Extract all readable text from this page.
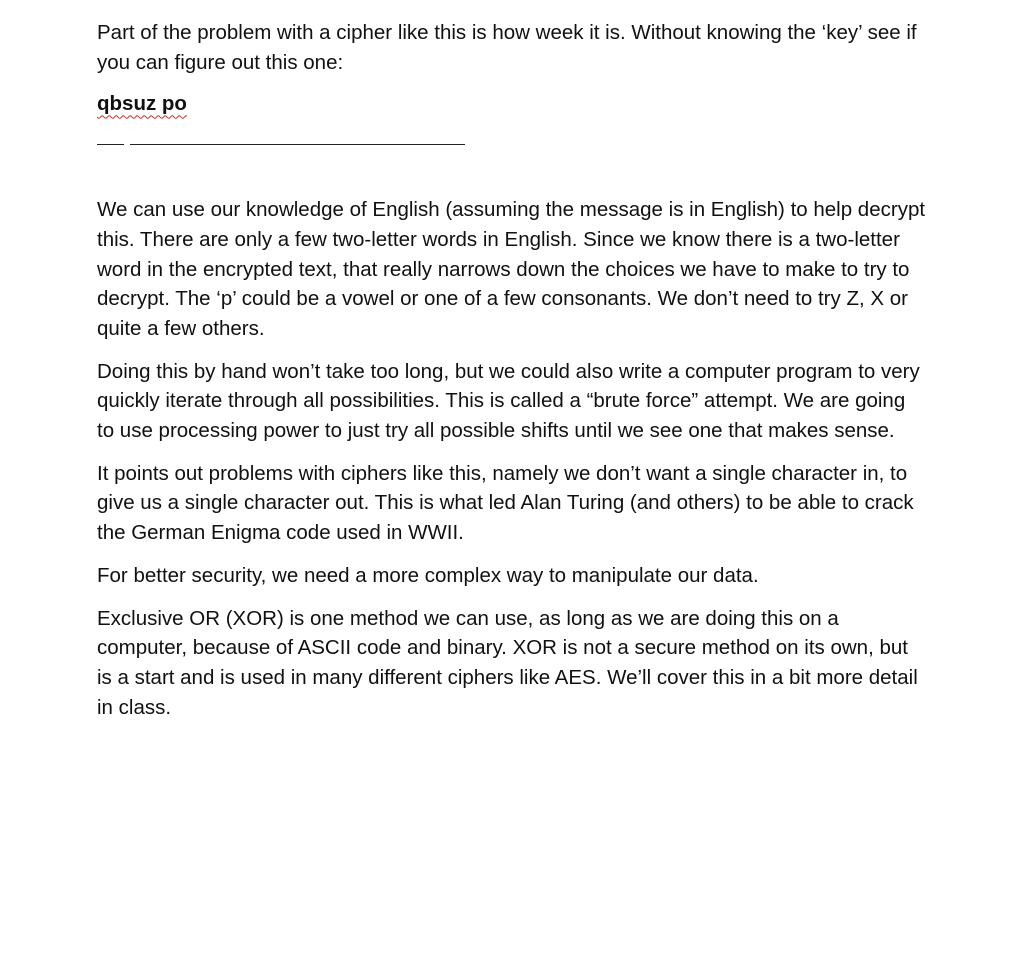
Part of the problem with a cipher like this is how week it is. Without knowing the ‘key’ see if you can figure out this one:

qbsuz po

We can use our knowledge of English (assuming the message is in English) to help decrypt this. There are only a few two-letter words in English. Since we know there is a two-letter word in the encrypted text, that really narrows down the choices we have to make to try to decrypt. The ‘p’ could be a vowel or one of a few consonants. We don’t need to try Z, X or quite a few others.

Doing this by hand won’t take too long, but we could also write a computer program to very quickly iterate through all possibilities. This is called a “brute force” attempt. We are going to use processing power to just try all possible shifts until we see one that makes sense.

It points out problems with ciphers like this, namely we don’t want a single character in, to give us a single character out. This is what led Alan Turing (and others) to be able to crack the German Enigma code used in WWII.

For better security, we need a more complex way to manipulate our data.

Exclusive OR (XOR) is one method we can use, as long as we are doing this on a computer, because of ASCII code and binary. XOR is not a secure method on its own, but is a start and is used in many different ciphers like AES. We’ll cover this in a bit more detail in class.
